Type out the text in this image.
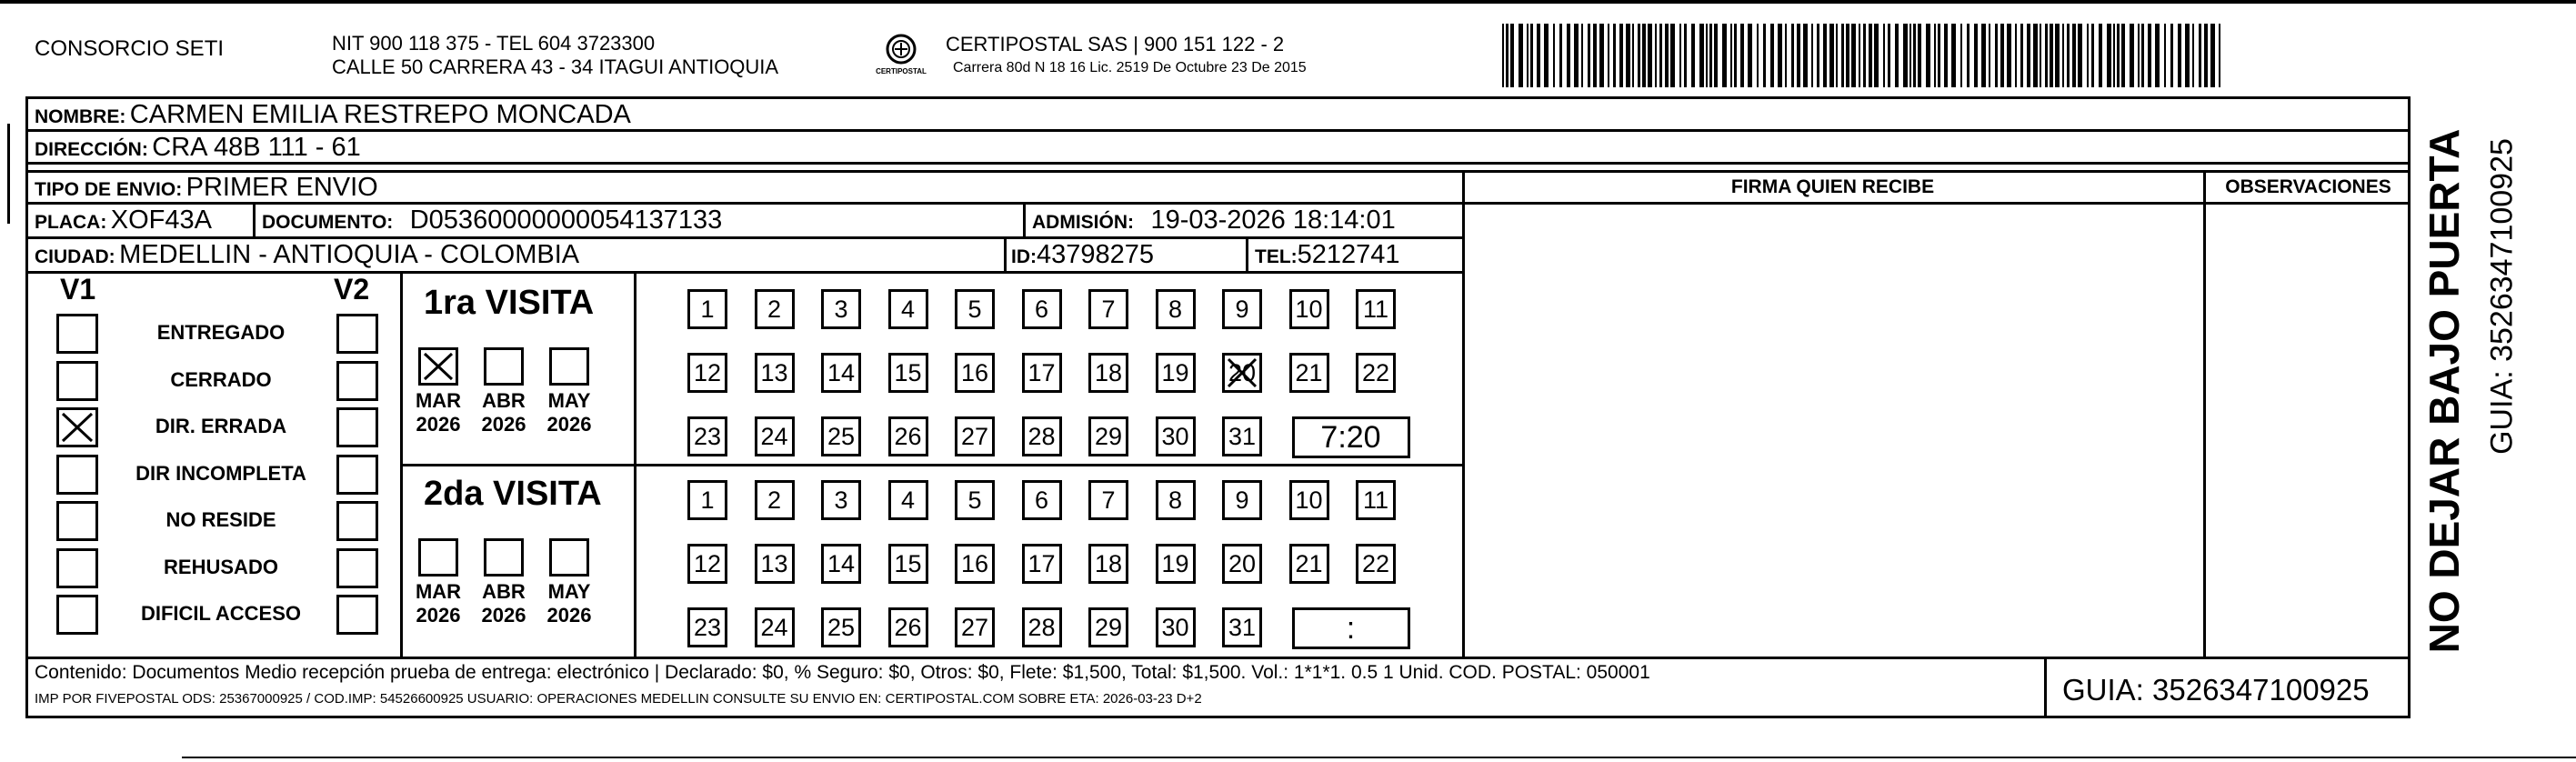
CONSORCIO SETI	NIT 900 118 375 - TEL 604 3723300
CALLE 50 CARRERA 43 - 34 ITAGUI ANTIOQUIA	CERTIPOSTAL
CERTIPOSTAL SAS | 900 151 122 - 2
Carrera 80d N 18 16 Lic. 2519 De Octubre 23 De 2015
NOMBRE: CARMEN EMILIA RESTREPO MONCADA
DIRECCIÓN: CRA 48B 111 - 61
TIPO DE ENVIO: PRIMER ENVIO	FIRMA QUIEN RECIBE	OBSERVACIONES
PLACA: XOF43A	DOCUMENTO: D05360000000054137133	ADMISIÓN: 19-03-2026 18:14:01
CIUDAD: MEDELLIN - ANTIOQUIA - COLOMBIA	ID:43798275	TEL:5212741
V1	V2
ENTREGADO
CERRADO
DIR. ERRADA
DIR INCOMPLETA
NO RESIDE
REHUSADO
DIFICIL ACCESO
1ra VISITA
2da VISITA
MAR
2026
ABR
2026
MAY
2026
1	2	3	4	5	6	7	8	9	10 11
12 13 14 15 16 17 18 19 20 21 22
23 24 25 26 27 28 29 30 31	7:20
MAR
2026
ABR
2026
MAY
2026
1	2	3	4	5	6	7	8	9	10 11
12 13 14 15 16 17 18 19 20 21 22
23 24 25 26 27 28 29 30 31	:
Contenido: Documentos Medio recepción prueba de entrega: electrónico | Declarado: $0, % Seguro: $0, Otros: $0, Flete: $1,500, Total: $1,500. Vol.: 1*1*1. 0.5 1 Unid. COD. POSTAL: 050001
IMP POR FIVEPOSTAL ODS: 25367000925 / COD.IMP: 54526600925 USUARIO: OPERACIONES MEDELLIN CONSULTE SU ENVIO EN: CERTIPOSTAL.COM SOBRE ETA: 2026-03-23 D+2	GUIA: 3526347100925
NO DEJAR BAJO PUERTA GUIA: 3526347100925
